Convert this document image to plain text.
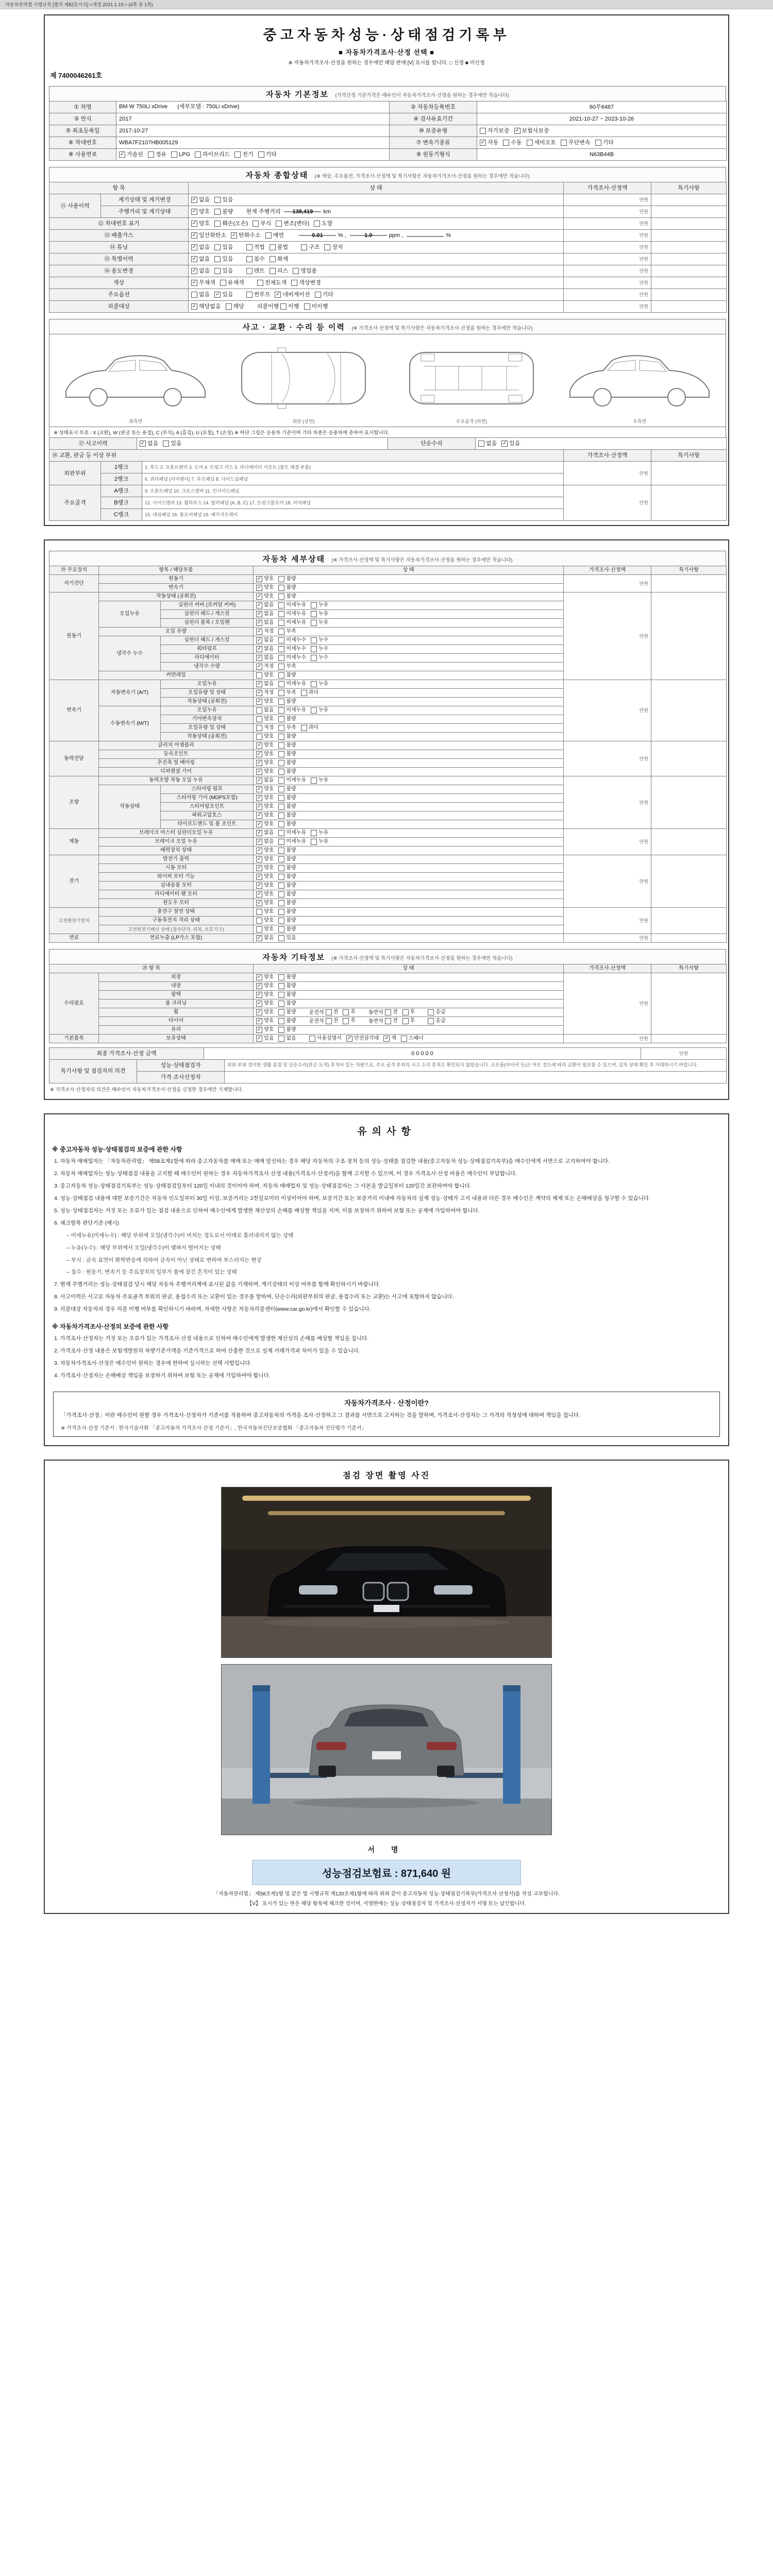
자동차관리법 시행규칙 [별지 제82호서식] <개정 2021.1.19.> (4쪽 중 1쪽)
중고자동차성능·상태점검기록부
■ 자동차가격조사·산정 선택 ■
※ 자동차가격조사·산정을 원하는 경우에만 해당 란에 [V] 표시를 합니다. □ 신청 ■ 미신청
제 7400046261호
자동차 기본정보 (가격산정 기준가격은 매수인이 자동차가격조사·산정을 원하는 경우에만 적습니다)
① 차명	BM W 750Li xDrive (세부모델 : 750Li xDrive)	② 자동차등록번호	60무6487
③ 연식	2017	④ 검사유효기간	2021-10-27 ~ 2023-10-26
⑤ 최초등록일	2017-10-27	⑩ 보증유형	자가보증 ✓ 보험사보증

⑥ 차대번호	WBA7F2107HB005129	⑦ 변속기종류	✓ 자동 수동 세미오토 무단변속 기타

⑧ 사용연료	✓ 가솔린 경유 LPG 하이브리드 전기 기타	⑨ 원동기형식	N63B44B
자동차 종합상태 (※ 색상, 주요옵션, 가격조사·산정액 및 특기사항은 자동차가격조사·산정을 원하는 경우에만 적습니다)
항 목		상 태	가격조사·산정액	특기사항
⑪ 사용이력	계기상태 및 계기변경	✓ 없음 있음	만원	
	주행거리 및 계기상태	✓ 양호 불량 현재 주행거리 138,419 km	만원	
⑫ 차대번호 표기	✓ 양호 훼손(오손) 부식 변조(변타) 도말	만원	
⑬ 배출가스	✓ 일산화탄소 ✓ 탄화수소 매연	0.01	% ,	1.0	ppm ,	%	만원	
⑭ 튜닝	✓ 없음 있음	적법 불법	구조 장치	만원	
⑮ 특별이력		✓ 없음 있음 침수 화재	만원	
⑯ 용도변경	✓ 없음 있음	렌트 리스 영업용	만원	
색상		✓ 무채색 유채색 전체도색 색상변경	만원	
주요옵션	없음 ✓ 있음	썬루프 ✓ 네비게이션 기타	만원	
리콜대상	✓ 해당없음 해당 리콜이행 이행 미이행	만원	
사고 · 교환 · 수리 등 이력 (※ 가격조사·산정액 및 특기사항은 자동차가격조사·산정을 원하는 경우에만 적습니다)
좌측면	외판 (상면)	주요골격 (하면)	우측면
※ 상태표시 부호 : X (교환), W (판금 또는 용접), C (부식), A (흠집), U (요철), T (손상) ※ 하단 그림은 승용차 기준이며 기타 차종은 승용차에 준하여 표시합니다.
⑰ 사고이력	✓ 없음 있음	단순수리	없음 ✓ 있음
⑱ 교환, 판금 등 이상 부위			가격조사·산정액	특기사항
외판부위	1랭크	1. 후드 2. 프론트펜더 3. 도어 4. 트렁크 리드 5. 라디에이터 서포트 (볼트 체결 부품)	만원	
	2랭크	6. 쿼터패널 (리어펜더) 7. 루프패널 8. 사이드실패널		
주요골격	A랭크	9. 프론트패널 10. 크로스멤버 11. 인사이드패널	만원	
	B랭크	12. 사이드멤버 13. 휠하우스 14. 필러패널 (A, B, C) 17. 트렁크플로어 18. 리어패널		
	C랭크	15. 대쉬패널 16. 플로어패널 19. 패키지트레이		
자동차 세부상태 (※ 가격조사·산정액 및 특기사항은 자동차가격조사·산정을 원하는 경우에만 적습니다)
⑲ 주요장치	항목 / 해당부품		상 태	가격조사·산정액	특기사항
자기진단	원동기		✓ 양호 불량	만원	
	변속기		✓ 양호 불량		

원동기	작동상태 (공회전)		✓ 양호 불량	만원	
	오일누유	실린더 커버 (로커암 커버)	✓ 없음 미세누유 누유		

		실린더 헤드 / 개스킷	✓ 없음 미세누유 누유		

		실린더 블록 / 오일팬	✓ 없음 미세누유 누유		

	오일 유량		✓ 적정 부족		

	냉각수 누수	실린더 헤드 / 개스킷	✓ 없음 미세누수 누수		

		워터펌프	✓ 없음 미세누수 누수		

		라디에이터	✓ 없음 미세누수 누수		

		냉각수 수량	✓ 적정 부족		

	커먼레일		양호 불량		

변속기	자동변속기 (A/T)	오일누유	✓ 없음 미세누유 누유	만원	
		오일유량 및 상태	✓ 적정 부족 과다		

		작동상태 (공회전)	✓ 양호 불량		

	수동변속기 (M/T)	오일누유	없음 미세누유 누유		

		기어변속장치	양호 불량		

		오일유량 및 상태	적정 부족 과다		

		작동상태 (공회전)	양호 불량		

동력전달	클러치 어셈블리		✓ 양호 불량	만원	
	등속조인트		✓ 양호 불량		

	추진축 및 베어링		✓ 양호 불량		

	디퍼렌셜 기어		✓ 양호 불량		

조향	동력조향 작동 오일 누유		✓ 없음 미세누유 누유	만원	
	작동상태	스티어링 펌프	✓ 양호 불량		

		스티어링 기어 (MDPS포함)	✓ 양호 불량		

		스티어링조인트	✓ 양호 불량		

		파워고압호스	✓ 양호 불량		

		타이로드엔드 및 볼 조인트	✓ 양호 불량		

제동	브레이크 마스터 실린더오일 누유		✓ 없음 미세누유 누유	만원	
	브레이크 오일 누유		✓ 없음 미세누유 누유		

	배력장치 상태		✓ 양호 불량		

전기	발전기 출력		✓ 양호 불량	만원	
	시동 모터		✓ 양호 불량		

	와이퍼 모터 기능		✓ 양호 불량		

	실내송풍 모터		✓ 양호 불량		

	라디에이터 팬 모터		✓ 양호 불량		

	윈도우 모터		✓ 양호 불량		

고전원전기장치	충전구 절연 상태		양호 불량	만원	
	구동축전지 격리 상태		양호 불량		

	고전원전기배선 상태 (접속단자, 피복, 보호기구)		양호 불량		

연료	연료누출 (LP가스 포함)		✓ 없음 있음	만원	
자동차 기타정보 (※ 가격조사·산정액 및 특기사항은 자동차가격조사·산정을 원하는 경우에만 적습니다)
⑳ 항 목		상 태	가격조사·산정액	특기사항
수리필요	외장	✓ 양호 불량	만원	
	내장	✓ 양호 불량		

	광택	✓ 양호 불량		

	룸 크리닝	✓ 양호 불량		

휠	✓ 양호 불량	운전석 전 후	동반석 전 후	응급

타이어	✓ 양호 불량	운전석 전 후	동반석 전 후	응급

	유리	✓ 양호 불량		

기본품목	보유상태	✓ 있음 없음	사용설명서 ✓ 안전삼각대 ✓ 잭 스패너	만원	
최종 가격조사·산정 금액	0 0 0 0 0	만원
특기사항 및 점검자의 의견	성능·상태점검자	외판 부위 경미한 생활 흠집 및 단순수리(판금·도색) 흔적이 있는 차량으로, 주요 골격 부위의 사고 수리 흔적은 확인되지 않았습니다. 소모품(타이어 등)은 마모 정도에 따라 교환이 필요할 수 있으며, 실차 상태 확인 후 거래하시기 바랍니다.
	가격·조사산정자	
※ 가격조사·산정자의 의견은 매수인이 자동차가격조사·산정을 신청한 경우에만 기재합니다.
유의사항
※ 중고자동차 성능·상태점검의 보증에 관한 사항
1. 자동차 매매업자는 「자동차관리법」 제58조제1항에 따라 중고자동차를 매매 또는 매매 알선하는 경우 해당 자동차의 구조·장치 등의 성능·상태를 점검한 내용(중고자동차 성능·상태점검기록부)을 매수인에게 서면으로 고지하여야 합니다.
2. 자동차 매매업자는 성능·상태점검 내용을 고지할 때 매수인이 원하는 경우 자동차가격조사·산정 내용(가격조사·산정서)을 함께 고지할 수 있으며, 이 경우 가격조사·산정 비용은 매수인이 부담합니다.
3. 중고자동차 성능·상태점검기록부는 성능·상태점검일부터 120일 이내의 것이어야 하며, 자동차 매매업자 및 성능·상태점검자는 그 사본을 발급일부터 120일간 보관하여야 합니다.
4. 성능·상태점검 내용에 대한 보증기간은 자동차 인도일부터 30일 이상, 보증거리는 2천킬로미터 이상이어야 하며, 보증기간 또는 보증거리 이내에 자동차의 실제 성능·상태가 고지 내용과 다른 경우 매수인은 계약의 해제 또는 손해배상을 청구할 수 있습니다.
5. 성능·상태점검자는 거짓 또는 오류가 있는 점검 내용으로 인하여 매수인에게 발생한 재산상의 손해를 배상할 책임을 지며, 이를 보장하기 위하여 보험 또는 공제에 가입하여야 합니다.
6. 체크항목 판단기준 (예시)
– 미세누유(미세누수) : 해당 부위에 오일(냉각수)이 비치는 정도로서 아래로 흘러내리지 않는 상태
– 누유(누수) : 해당 부위에서 오일(냉각수)이 맺혀서 떨어지는 상태
– 부식 : 금속 표면이 화학반응에 의하여 금속이 아닌 상태로 변하여 부스러지는 현상
– 침수 : 원동기, 변속기 등 주요장치의 일부가 물에 잠긴 흔적이 있는 상태
7. 현재 주행거리는 성능·상태점검 당시 해당 자동차 주행거리계에 표시된 값을 기재하며, 계기상태의 이상 여부를 함께 확인하시기 바랍니다.
8. 사고이력은 사고로 자동차 주요골격 부위의 판금, 용접수리 또는 교환이 있는 경우를 말하며, 단순수리(외판부위의 판금, 용접수리 또는 교환)는 사고에 포함하지 않습니다.
9. 리콜대상 자동차의 경우 리콜 이행 여부를 확인하시기 바라며, 자세한 사항은 자동차리콜센터(www.car.go.kr)에서 확인할 수 있습니다.
※ 자동차가격조사·산정의 보증에 관한 사항
1. 가격조사·산정자는 거짓 또는 오류가 있는 가격조사·산정 내용으로 인하여 매수인에게 발생한 재산상의 손해를 배상할 책임을 집니다.
2. 가격조사·산정 내용은 보험개발원의 차량기준가액을 기준가격으로 하여 산출한 것으로 실제 거래가격과 차이가 있을 수 있습니다.
3. 자동차가격조사·산정은 매수인이 원하는 경우에 한하여 실시하는 선택 사항입니다.
4. 가격조사·산정자는 손해배상 책임을 보장하기 위하여 보험 또는 공제에 가입하여야 합니다.
자동차가격조사 · 산정이란?
「가격조사·산정」이란 매수인이 원할 경우 가격조사·산정자가 기준서를 적용하여 중고자동차의 가격을 조사·산정하고 그 결과를 서면으로 고지하는 것을 말하며, 가격조사·산정자는 그 가격의 적정성에 대하여 책임을 집니다.
※ 가격조사·산정 기준서 : 한국기술사회 「중고자동차 가격조사·산정 기준서」, 한국자동차진단보증협회 「중고자동차 진단평가 기준서」
점검 장면 촬영 사진
서 명
성능점검보험료 : 871,640 원
「자동차관리법」 제58조제1항 및 같은 법 시행규칙 제120조제1항에 따라 위와 같이 중고자동차 성능·상태점검기록부(가격조사·산정서)를 작성·교부합니다.
【V】 표시가 있는 란은 해당 항목에 체크한 것이며, 서명란에는 성능·상태점검자 및 가격조사·산정자가 서명 또는 날인합니다.
